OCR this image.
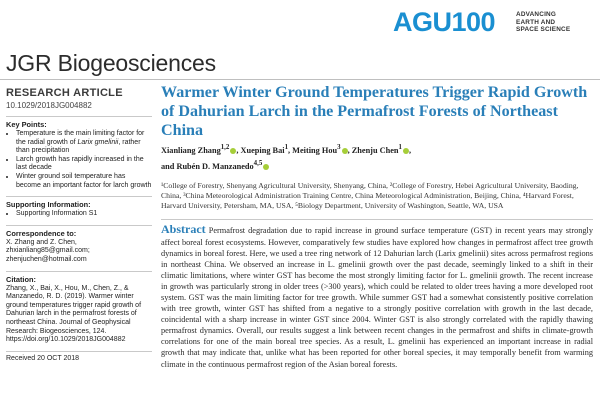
AGU100	ADVANCING
EARTH AND
SPACE SCIENCE
JGR Biogeosciences
RESEARCH ARTICLE
10.1029/2018JG004882
Key Points:
• Temperature is the main limiting factor for the radial growth of Larix gmelinii, rather than precipitation
• Larch growth has rapidly increased in the last decade
• Winter ground soil temperature has become an important factor for larch growth
Supporting Information:
• Supporting Information S1
Correspondence to:
X. Zhang and Z. Chen,
zhxianliang85@gmail.com;
zhenjuchen@hotmail.com
Citation:
Zhang, X., Bai, X., Hou, M., Chen, Z., & Manzanedo, R. D. (2019). Warmer winter ground temperatures trigger rapid growth of Dahurian larch in the permafrost forests of northeast China. Journal of Geophysical Research: Biogeosciences, 124. https://doi.org/10.1029/2018JG004882
Received 20 OCT 2018
Warmer Winter Ground Temperatures Trigger Rapid Growth of Dahurian Larch in the Permafrost Forests of Northeast China
Xianliang Zhang$^{1,2}$ , Xueping Bai$^1$, Meiting Hou$^3$ , Zhenju Chen$^1$ ,
and Rubén D. Manzanedo$^{4,5}$
¹College of Forestry, Shenyang Agricultural University, Shenyang, China, ²College of Forestry, Hebei Agricultural University, Baoding, China, ³China Meteorological Administration Training Centre, China Meteorological Administration, Beijing, China, ⁴Harvard Forest, Harvard University, Petersham, MA, USA, ⁵Biology Department, University of Washington, Seattle, WA, USA
Abstract Permafrost degradation due to rapid increase in ground surface temperature (GST) in recent years may strongly affect boreal forest ecosystems. However, comparatively few studies have explored how changes in permafrost affect tree growth dynamics in boreal forest. Here, we used a tree ring network of 12 Dahurian larch (Larix gmelinii) sites across permafrost regions in northeast China. We observed an increase in L. gmelinii growth over the past decade, seemingly linked to a shift in their climatic limitations, where winter GST has become the most strongly limiting factor for L. gmelinii growth. The recent increase in growth was particularly strong in older trees (>300 years), which could be related to older trees having a more developed root system. GST was the main limiting factor for tree growth. While summer GST had a somewhat consistently positive correlation with tree growth, winter GST has shifted from a negative to a strongly positive correlation with growth in the last decade, coincidental with a sharp increase in winter GST since 2004. Winter GST is also strongly correlated with the rapidly thawing permafrost dynamics. Overall, our results suggest a link between recent changes in the permafrost and shifts in climate-growth correlations for one of the main boreal tree species. As a result, L. gmelinii has experienced an important increase in radial growth that may indicate that, unlike what has been reported for other boreal species, it may temporally benefit from warming climate in the continuous permafrost region of the Asian boreal forests.
